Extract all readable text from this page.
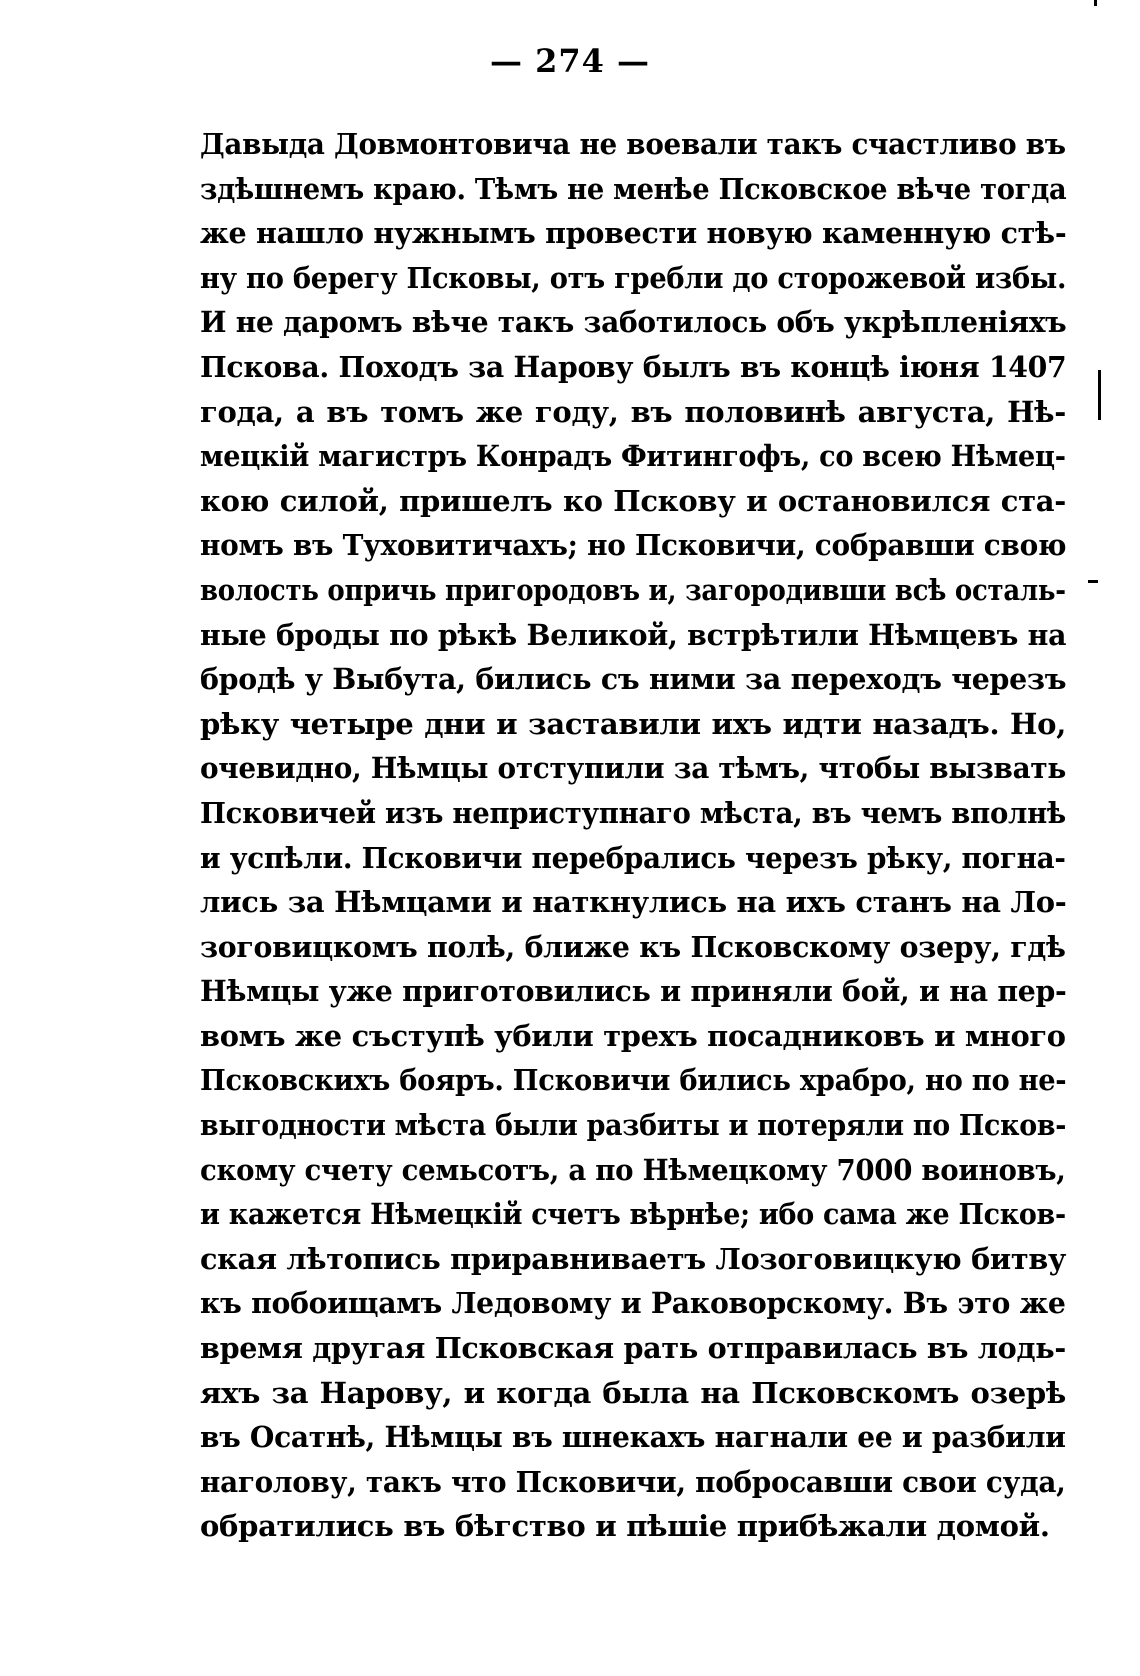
— 274 —
Давыда Довмонтовича не воевали такъ счастливо въ
здѣшнемъ краю. Тѣмъ не менѣе Псковское вѣче тогда
же нашло нужнымъ провести новую каменную стѣ-
ну по берегу Псковы, отъ гребли до сторожевой избы.
И не даромъ вѣче такъ заботилось объ укрѣпленіяхъ
Пскова. Походъ за Нарову былъ въ концѣ іюня 1407
года, а въ томъ же году, въ половинѣ августа, Нѣ-
мецкій магистръ Конрадъ Фитингофъ, со всею Нѣмец-
кою силой, пришелъ ко Пскову и остановился ста-
номъ въ Туховитичахъ; но Псковичи, собравши свою
волость опричь пригородовъ и, загородивши всѣ осталь-
ные броды по рѣкѣ Великой, встрѣтили Нѣмцевъ на
бродѣ у Выбута, бились съ ними за переходъ черезъ
рѣку четыре дни и заставили ихъ идти назадъ. Но,
очевидно, Нѣмцы отступили за тѣмъ, чтобы вызвать
Псковичей изъ неприступнаго мѣста, въ чемъ вполнѣ
и успѣли. Псковичи перебрались черезъ рѣку, погна-
лись за Нѣмцами и наткнулись на ихъ станъ на Ло-
зоговицкомъ полѣ, ближе къ Псковскому озеру, гдѣ
Нѣмцы уже приготовились и приняли бой, и на пер-
вомъ же съступѣ убили трехъ посадниковъ и много
Псковскихъ бояръ. Псковичи бились храбро, но по не-
выгодности мѣста были разбиты и потеряли по Псков-
скому счету семьсотъ, а по Нѣмецкому 7000 воиновъ,
и кажется Нѣмецкій счетъ вѣрнѣе; ибо сама же Псков-
ская лѣтопись приравниваетъ Лозоговицкую битву
къ побоищамъ Ледовому и Раковорскому. Въ это же
время другая Псковская рать отправилась въ лодь-
яхъ за Нарову, и когда была на Псковскомъ озерѣ
въ Осатнѣ, Нѣмцы въ шнекахъ нагнали ее и разбили
наголову, такъ что Псковичи, побросавши свои суда,
обратились въ бѣгство и пѣшіе прибѣжали домой.
